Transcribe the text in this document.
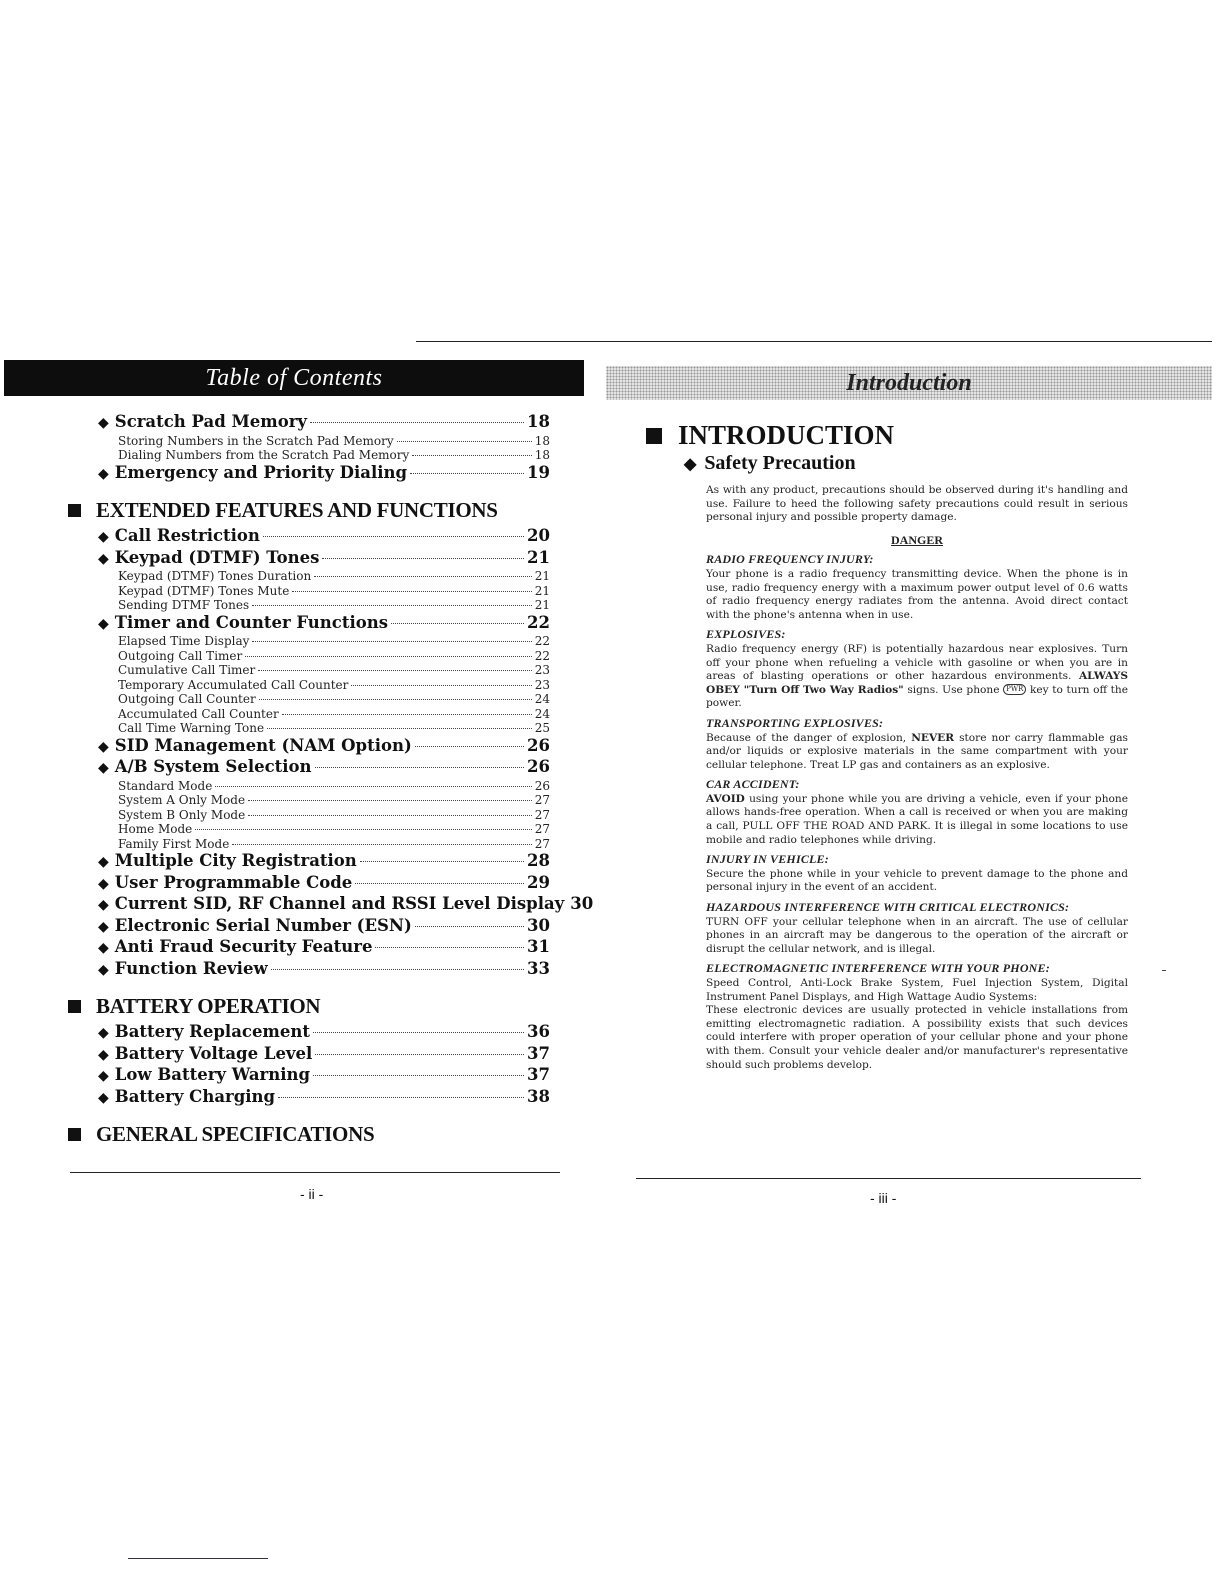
Table of Contents
◆ Scratch Pad Memory	18
Storing Numbers in the Scratch Pad Memory	18
Dialing Numbers from the Scratch Pad Memory	18
◆ Emergency and Priority Dialing	19
EXTENDED FEATURES AND FUNCTIONS
◆ Call Restriction	20
◆ Keypad (DTMF) Tones	21
Keypad (DTMF) Tones Duration	21
Keypad (DTMF) Tones Mute	21
Sending DTMF Tones	21
◆ Timer and Counter Functions	22
Elapsed Time Display	22
Outgoing Call Timer	22
Cumulative Call Timer	23
Temporary Accumulated Call Counter	23
Outgoing Call Counter	24
Accumulated Call Counter	24
Call Time Warning Tone	25
◆ SID Management (NAM Option)	26
◆ A/B System Selection	26
Standard Mode	26
System A Only Mode	27
System B Only Mode	27
Home Mode	27
Family First Mode	27
◆ Multiple City Registration	28
◆ User Programmable Code	29
◆ Current SID, RF Channel and RSSI Level Display 30
◆ Electronic Serial Number (ESN)	30
◆ Anti Fraud Security Feature	31
◆ Function Review	33
BATTERY OPERATION
◆ Battery Replacement	36
◆ Battery Voltage Level	37
◆ Low Battery Warning	37
◆ Battery Charging	38
GENERAL SPECIFICATIONS
- ii -
Introduction
INTRODUCTION
◆ Safety Precaution

As with any product, precautions should be observed during it's handling and use. Failure to heed the following safety precautions could result in serious personal injury and possible property damage.

DANGER
RADIO FREQUENCY INJURY:

Your phone is a radio frequency transmitting device. When the phone is in use, radio frequency energy with a maximum power output level of 0.6 watts of radio frequency energy radiates from the antenna. Avoid direct contact with the phone's antenna when in use.

EXPLOSIVES:

Radio frequency energy (RF) is potentially hazardous near explosives. Turn off your phone when refueling a vehicle with gasoline or when you are in areas of blasting operations or other hazardous environments. ALWAYS OBEY "Turn Off Two Way Radios" signs. Use phone PWR key to turn off the power.

TRANSPORTING EXPLOSIVES:

Because of the danger of explosion, NEVER store nor carry flammable gas and/or liquids or explosive materials in the same compartment with your cellular telephone. Treat LP gas and containers as an explosive.

CAR ACCIDENT:

AVOID using your phone while you are driving a vehicle, even if your phone allows hands-free operation. When a call is received or when you are making a call, PULL OFF THE ROAD AND PARK. It is illegal in some locations to use mobile and radio telephones while driving.

INJURY IN VEHICLE:

Secure the phone while in your vehicle to prevent damage to the phone and personal injury in the event of an accident.

HAZARDOUS INTERFERENCE WITH CRITICAL ELECTRONICS:

TURN OFF your cellular telephone when in an aircraft. The use of cellular phones in an aircraft may be dangerous to the operation of the aircraft or disrupt the cellular network, and is illegal.

ELECTROMAGNETIC INTERFERENCE WITH YOUR PHONE:

Speed Control, Anti-Lock Brake System, Fuel Injection System, Digital Instrument Panel Displays, and High Wattage Audio Systems:

These electronic devices are usually protected in vehicle installations from emitting electromagnetic radiation. A possibility exists that such devices could interfere with proper operation of your cellular phone and your phone with them. Consult your vehicle dealer and/or manufacturer's representative should such problems develop.

- iii -
